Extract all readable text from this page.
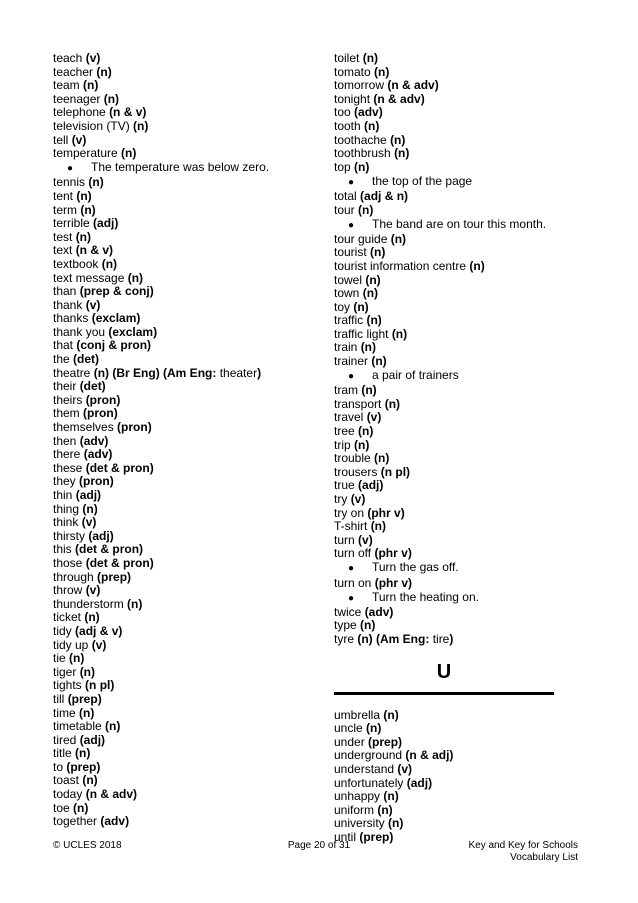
teach (v)
teacher (n)
team (n)
teenager (n)
telephone (n & v)
television (TV) (n)
tell (v)
temperature (n)
● The temperature was below zero.
tennis (n)
tent (n)
term (n)
terrible (adj)
test (n)
text (n & v)
textbook (n)
text message (n)
than (prep & conj)
thank (v)
thanks (exclam)
thank you (exclam)
that (conj & pron)
the (det)
theatre (n) (Br Eng) (Am Eng: theater)
their (det)
theirs (pron)
them (pron)
themselves (pron)
then (adv)
there (adv)
these (det & pron)
they (pron)
thin (adj)
thing (n)
think (v)
thirsty (adj)
this (det & pron)
those (det & pron)
through (prep)
throw (v)
thunderstorm (n)
ticket (n)
tidy (adj & v)
tidy up (v)
tie (n)
tiger (n)
tights (n pl)
till (prep)
time (n)
timetable (n)
tired (adj)
title (n)
to (prep)
toast (n)
today (n & adv)
toe (n)
together (adv)
toilet (n)
tomato (n)
tomorrow (n & adv)
tonight (n & adv)
too (adv)
tooth (n)
toothache (n)
toothbrush (n)
top (n)
● the top of the page
total (adj & n)
tour (n)
● The band are on tour this month.
tour guide (n)
tourist (n)
tourist information centre (n)
towel (n)
town (n)
toy (n)
traffic (n)
traffic light (n)
train (n)
trainer (n)
● a pair of trainers
tram (n)
transport (n)
travel (v)
tree (n)
trip (n)
trouble (n)
trousers (n pl)
true (adj)
try (v)
try on (phr v)
T-shirt (n)
turn (v)
turn off (phr v)
● Turn the gas off.
turn on (phr v)
● Turn the heating on.
twice (adv)
type (n)
tyre (n) (Am Eng: tire)
U
umbrella (n)
uncle (n)
under (prep)
underground (n & adj)
understand (v)
unfortunately (adj)
unhappy (n)
uniform (n)
university (n)
until (prep)
© UCLES 2018	Page 20 of 31	Key and Key for Schools
Vocabulary List
